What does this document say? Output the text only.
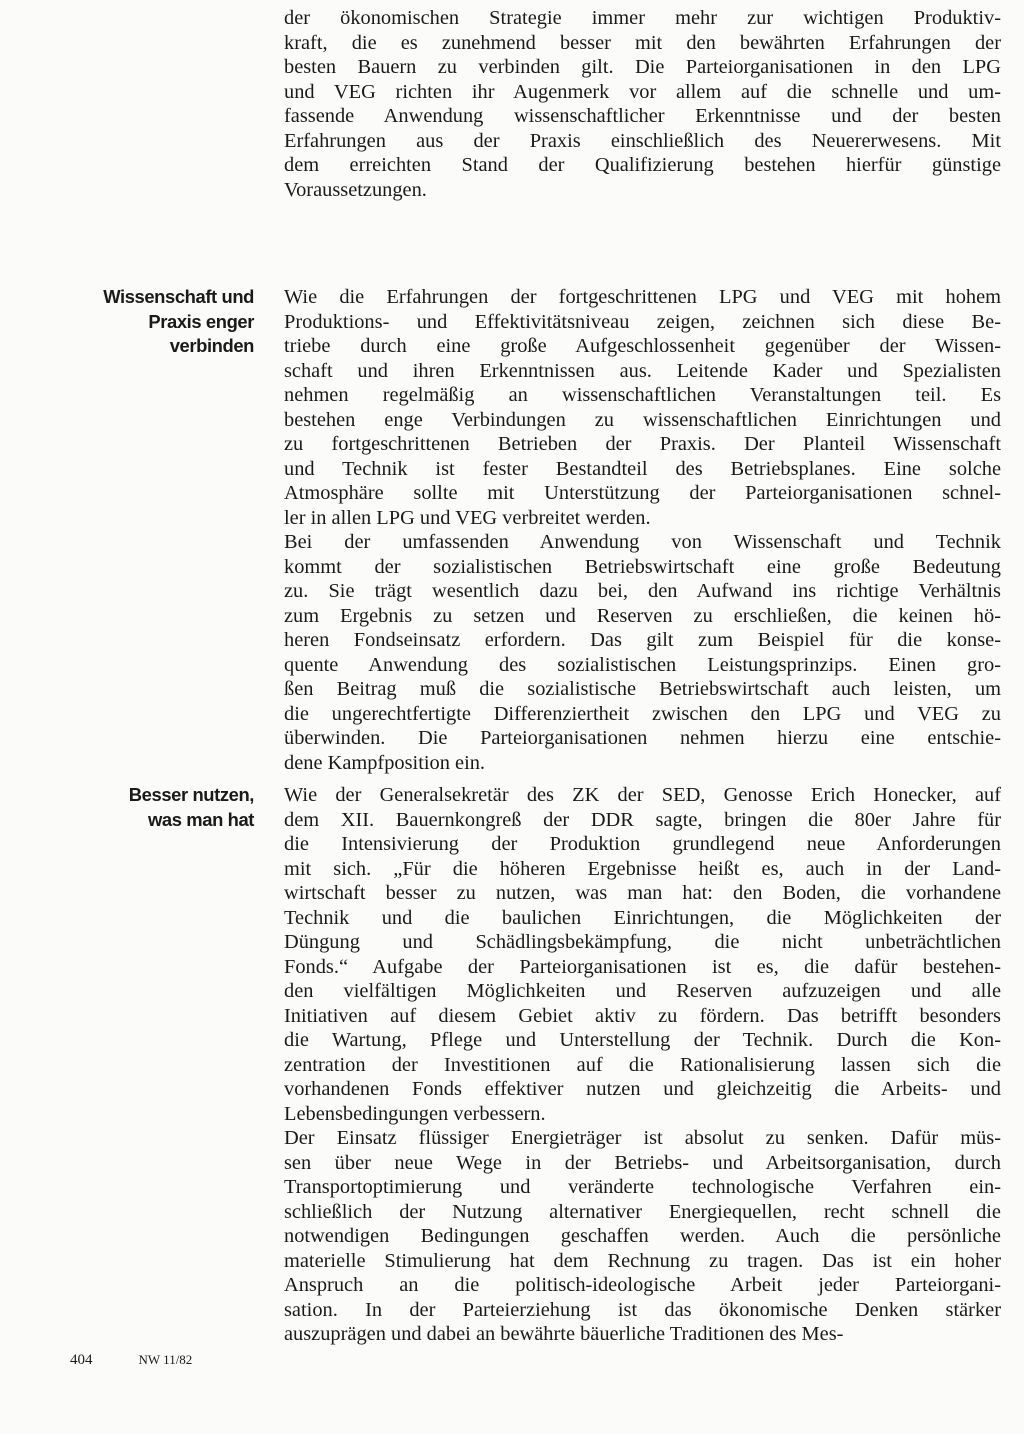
Wissenschaft und
Praxis enger
verbinden
Besser nutzen,
was man hat
der ökonomischen Strategie immer mehr zur wichtigen Produktiv-
kraft, die es zunehmend besser mit den bewährten Erfahrungen der
besten Bauern zu verbinden gilt. Die Parteiorganisationen in den LPG
und VEG richten ihr Augenmerk vor allem auf die schnelle und um-
fassende Anwendung wissenschaftlicher Erkenntnisse und der besten
Erfahrungen aus der Praxis einschließlich des Neuererwesens. Mit
dem erreichten Stand der Qualifizierung bestehen hierfür günstige
Voraussetzungen.
Wie die Erfahrungen der fortgeschrittenen LPG und VEG mit hohem
Produktions- und Effektivitätsniveau zeigen, zeichnen sich diese Be-
triebe durch eine große Aufgeschlossenheit gegenüber der Wissen-
schaft und ihren Erkenntnissen aus. Leitende Kader und Spezialisten
nehmen regelmäßig an wissenschaftlichen Veranstaltungen teil. Es
bestehen enge Verbindungen zu wissenschaftlichen Einrichtungen und
zu fortgeschrittenen Betrieben der Praxis. Der Planteil Wissenschaft
und Technik ist fester Bestandteil des Betriebsplanes. Eine solche
Atmosphäre sollte mit Unterstützung der Parteiorganisationen schnel-
ler in allen LPG und VEG verbreitet werden.
Bei der umfassenden Anwendung von Wissenschaft und Technik
kommt der sozialistischen Betriebswirtschaft eine große Bedeutung
zu. Sie trägt wesentlich dazu bei, den Aufwand ins richtige Verhältnis
zum Ergebnis zu setzen und Reserven zu erschließen, die keinen hö-
heren Fondseinsatz erfordern. Das gilt zum Beispiel für die konse-
quente Anwendung des sozialistischen Leistungsprinzips. Einen gro-
ßen Beitrag muß die sozialistische Betriebswirtschaft auch leisten, um
die ungerechtfertigte Differenziertheit zwischen den LPG und VEG zu
überwinden. Die Parteiorganisationen nehmen hierzu eine entschie-
dene Kampfposition ein.
Wie der Generalsekretär des ZK der SED, Genosse Erich Honecker, auf
dem XII. Bauernkongreß der DDR sagte, bringen die 80er Jahre für
die Intensivierung der Produktion grundlegend neue Anforderungen
mit sich. „Für die höheren Ergebnisse heißt es, auch in der Land-
wirtschaft besser zu nutzen, was man hat: den Boden, die vorhandene
Technik und die baulichen Einrichtungen, die Möglichkeiten der
Düngung und Schädlingsbekämpfung, die nicht unbeträchtlichen
Fonds.“ Aufgabe der Parteiorganisationen ist es, die dafür bestehen-
den vielfältigen Möglichkeiten und Reserven aufzuzeigen und alle
Initiativen auf diesem Gebiet aktiv zu fördern. Das betrifft besonders
die Wartung, Pflege und Unterstellung der Technik. Durch die Kon-
zentration der Investitionen auf die Rationalisierung lassen sich die
vorhandenen Fonds effektiver nutzen und gleichzeitig die Arbeits- und
Lebensbedingungen verbessern.
Der Einsatz flüssiger Energieträger ist absolut zu senken. Dafür müs-
sen über neue Wege in der Betriebs- und Arbeitsorganisation, durch
Transportoptimierung und veränderte technologische Verfahren ein-
schließlich der Nutzung alternativer Energiequellen, recht schnell die
notwendigen Bedingungen geschaffen werden. Auch die persönliche
materielle Stimulierung hat dem Rechnung zu tragen. Das ist ein hoher
Anspruch an die politisch-ideologische Arbeit jeder Parteiorgani-
sation. In der Parteierziehung ist das ökonomische Denken stärker
auszuprägen und dabei an bewährte bäuerliche Traditionen des Mes-
404	NW 11/82
